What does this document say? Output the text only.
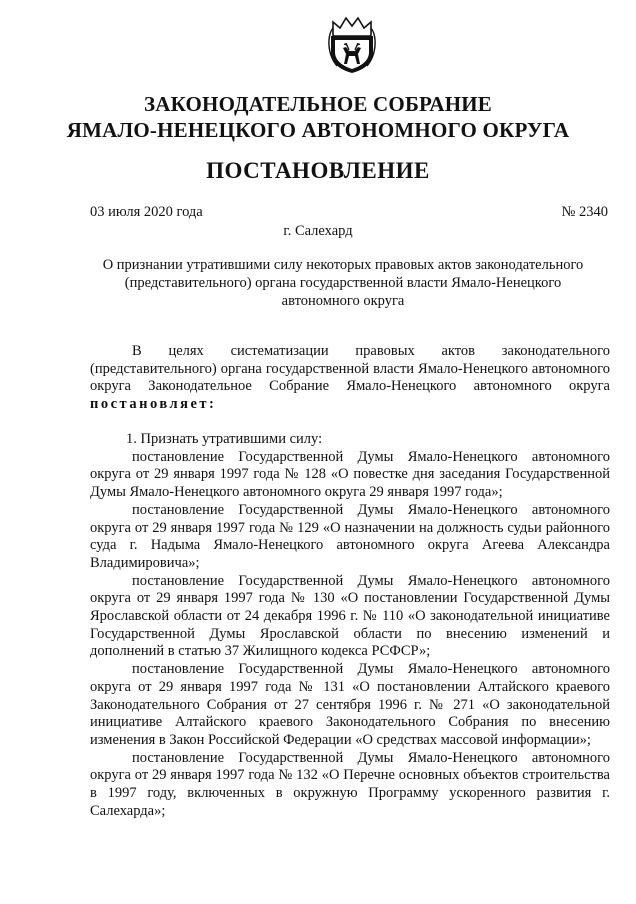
ЗАКОНОДАТЕЛЬНОЕ СОБРАНИЕ
ЯМАЛО-НЕНЕЦКОГО АВТОНОМНОГО ОКРУГА
ПОСТАНОВЛЕНИЕ
03 июля 2020 года	№ 2340
г. Салехард
О признании утратившими силу некоторых правовых актов законодательного (представительного) органа государственной власти Ямало-Ненецкого автономного округа

В целях систематизации правовых актов законодательного (представительного) органа государственной власти Ямало-Ненецкого автономного округа Законодательное Собрание Ямало-Ненецкого автономного округа постановляет:

1. Признать утратившими силу:

постановление Государственной Думы Ямало-Ненецкого автономного округа от 29 января 1997 года № 128 «О повестке дня заседания Государственной Думы Ямало-Ненецкого автономного округа 29 января 1997 года»;

постановление Государственной Думы Ямало-Ненецкого автономного округа от 29 января 1997 года № 129 «О назначении на должность судьи районного суда г. Надыма Ямало-Ненецкого автономного округа Агеева Александра Владимировича»;

постановление Государственной Думы Ямало-Ненецкого автономного округа от 29 января 1997 года № 130 «О постановлении Государственной Думы Ярославской области от 24 декабря 1996 г. № 110 «О законодательной инициативе Государственной Думы Ярославской области по внесению изменений и дополнений в статью 37 Жилищного кодекса РСФСР»;

постановление Государственной Думы Ямало-Ненецкого автономного округа от 29 января 1997 года № 131 «О постановлении Алтайского краевого Законодательного Собрания от 27 сентября 1996 г. № 271 «О законодательной инициативе Алтайского краевого Законодательного Собрания по внесению изменения в Закон Российской Федерации «О средствах массовой информации»;

постановление Государственной Думы Ямало-Ненецкого автономного округа от 29 января 1997 года № 132 «О Перечне основных объектов строительства в 1997 году, включенных в окружную Программу ускоренного развития г. Салехарда»;
